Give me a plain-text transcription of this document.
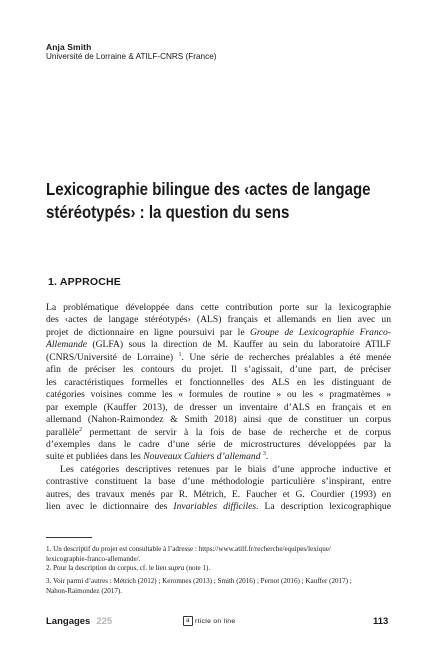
Anja Smith
Université de Lorraine & ATILF-CNRS (France)
Lexicographie bilingue des ‹actes de langage
stéréotypés› : la question du sens
1. APPROCHE
La problématique développée dans cette contribution porte sur la lexicographie
des ‹actes de langage stéréotypés› (ALS) français et allemands en lien avec un
projet de dictionnaire en ligne poursuivi par le Groupe de Lexicographie Franco-
Allemande (GLFA) sous la direction de M. Kauffer au sein du laboratoire ATILF
(CNRS/Université de Lorraine) $^1$. Une série de recherches préalables a été menée
afin de préciser les contours du projet. Il s’agissait, d’une part, de préciser
les caractéristiques formelles et fonctionnelles des ALS en les distinguant de
catégories voisines comme les « formules de routine » ou les « pragmatèmes »
par exemple (Kauffer 2013), de dresser un inventaire d’ALS en français et en
allemand (Nahon-Raimondez & Smith 2018) ainsi que de constituer un corpus
parallèle$^2$ permettant de servir à la fois de base de recherche et de corpus
d’exemples dans le cadre d’une série de microstructures développées par la
suite et publiées dans les Nouveaux Cahiers d’allemand $^3$.
Les catégories descriptives retenues par le biais d’une approche inductive et
contrastive constituent la base d’une méthodologie particulière s’inspirant, entre
autres, des travaux menés par R. Métrich, E. Faucher et G. Courdier (1993) en
lien avec le dictionnaire des Invariables difficiles. La description lexicographique
1. Un descriptif du projet est consultable à l’adresse : https://www.atilf.fr/recherche/equipes/lexique/
lexicographie-franco-allemande/.
2. Pour la description du corpus, cf. le lien supra (note 1).
3. Voir parmi d’autres : Métrich (2012) ; Keromnes (2013) ; Smith (2016) ; Pernot (2016) ; Kauffer (2017) ;
Nahon-Raimondez (2017).
Langages 225	a rticle on line	113
